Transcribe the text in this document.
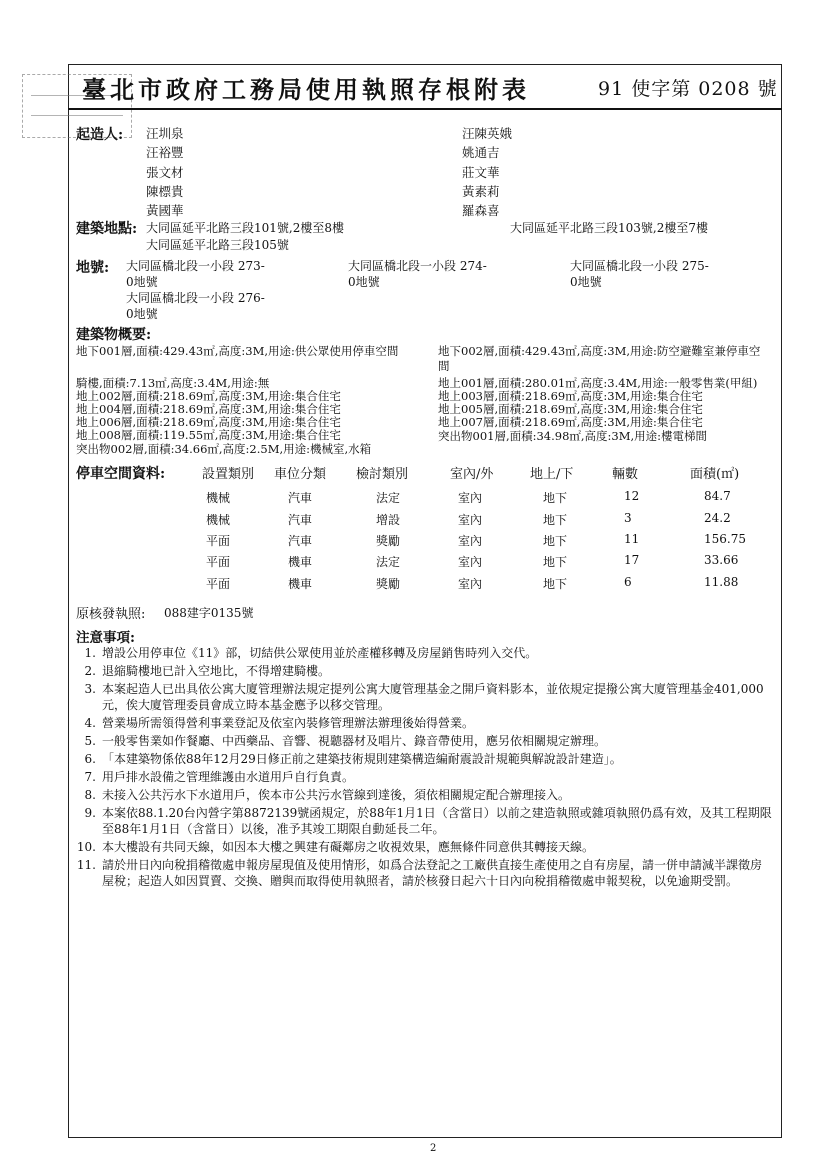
臺北市政府工務局使用執照存根附表	91 使字第 0208 號
起造人: 汪圳泉
汪裕豐
張文材
陳標貴
黃國華
汪陳英娥
姚通吉
莊文華
黃素莉
羅森喜
建築地點: 大同區延平北路三段101號,2樓至8樓	大同區延平北路三段103號,2樓至7樓
大同區延平北路三段105號
地號: 大同區橋北段一小段 273-
0地號
大同區橋北段一小段 274-
0地號
大同區橋北段一小段 275-
0地號
大同區橋北段一小段 276-
0地號
建築物概要:
地下001層,面積:429.43㎡,高度:3M,用途:供公眾使用停車空間
騎樓,面積:7.13㎡,高度:3.4M,用途:無
地上002層,面積:218.69㎡,高度:3M,用途:集合住宅
地上004層,面積:218.69㎡,高度:3M,用途:集合住宅
地上006層,面積:218.69㎡,高度:3M,用途:集合住宅
地上008層,面積:119.55㎡,高度:3M,用途:集合住宅
突出物002層,面積:34.66㎡,高度:2.5M,用途:機械室,水箱
地下002層,面積:429.43㎡,高度:3M,用途:防空避難室兼停車空
間
地上001層,面積:280.01㎡,高度:3.4M,用途:一般零售業(甲組)
地上003層,面積:218.69㎡,高度:3M,用途:集合住宅
地上005層,面積:218.69㎡,高度:3M,用途:集合住宅
地上007層,面積:218.69㎡,高度:3M,用途:集合住宅
突出物001層,面積:34.98㎡,高度:3M,用途:樓電梯間
停車空間資料:	設置類別 車位分類 檢討類別	室內/外	地上/下	輛數	面積(㎡)
機械	汽車	法定	室內	地下	12	84.7
機械	汽車	增設	室內	地下	3	24.2
平面	汽車	獎勵	室內	地下	11	156.75
平面	機車	法定	室內	地下	17	33.66
平面	機車	獎勵	室內	地下	6	11.88
原核發執照: 088建字0135號
注意事項:
1. 增設公用停車位《11》部，切結供公眾使用並於產權移轉及房屋銷售時列入交代。
2. 退縮騎樓地已計入空地比，不得增建騎樓。
3. 本案起造人已出具依公寓大廈管理辦法規定提列公寓大廈管理基金之開戶資料影本，並依規定提撥公寓大廈管理基金401,000元，俟大廈管理委員會成立時本基金應予以移交管理。
4. 營業場所需領得營利事業登記及依室內裝修管理辦法辦理後始得營業。
5. 一般零售業如作餐廳、中西藥品、音響、視聽器材及唱片、錄音帶使用，應另依相關規定辦理。
6. 「本建築物係依88年12月29日修正前之建築技術規則建築構造編耐震設計規範與解說設計建造」。
7. 用戶排水設備之管理維護由水道用戶自行負責。
8. 未接入公共污水下水道用戶，俟本市公共污水管線到達後，須依相關規定配合辦理接入。
9. 本案依88.1.20台內營字第8872139號函規定，於88年1月1日（含當日）以前之建造執照或雜項執照仍爲有效，及其工程期限至88年1月1日（含當日）以後，准予其竣工期限自動延長二年。
10. 本大樓設有共同天線，如因本大樓之興建有礙鄰房之收視效果，應無條件同意供其轉接天線。
11. 請於卅日內向稅捐稽徵處申報房屋現值及使用情形，如爲合法登記之工廠供直接生產使用之自有房屋，請一併申請減半課徵房屋稅；起造人如因買賣、交換、贈與而取得使用執照者，請於核發日起六十日內向稅捐稽徵處申報契稅，以免逾期受罰。
2
